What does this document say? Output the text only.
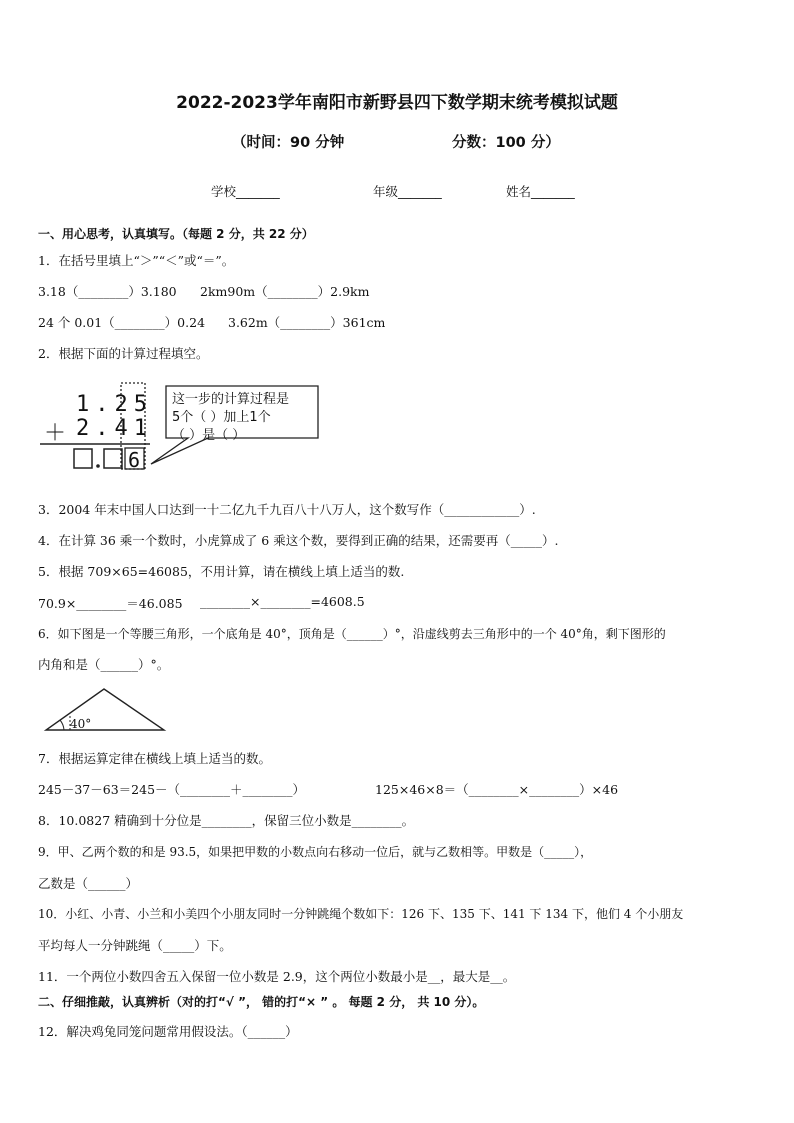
2022-2023学年南阳市新野县四下数学期末统考模拟试题
（时间：90 分钟	分数：100 分）
学校_______	年级_______	姓名_______
一、用心思考，认真填写。（每题 2 分，共 22 分）
1．在括号里填上“＞”“＜”或“＝”。
3.18（________）3.180 2km90m（________）2.9km
24 个 0.01（________）0.24 3.62m（________）361cm
2．根据下面的计算过程填空。
1.25
＋ 2.41
6
这一步的计算过程是
5个（ ）加上1个
（ ）是（ ）
3．2004 年末中国人口达到一十二亿九千九百八十八万人，这个数写作（____________）.
4．在计算 36 乘一个数时，小虎算成了 6 乘这个数，要得到正确的结果，还需要再（_____）.
5．根据 709×65=46085，不用计算，请在横线上填上适当的数.
70.9×________＝46.085 ________×________=4608.5
6．如下图是一个等腰三角形，一个底角是 40°，顶角是（______）°，沿虚线剪去三角形中的一个 40°角，剩下图形的
内角和是（______）°。
40°
7．根据运算定律在横线上填上适当的数。
245－37－63＝245－（________＋________）	125×46×8＝（________×________）×46
8．10.0827 精确到十分位是________，保留三位小数是________。
9．甲、乙两个数的和是 93.5，如果把甲数的小数点向右移动一位后，就与乙数相等。甲数是（_____），
乙数是（______）
10．小红、小青、小兰和小美四个小朋友同时一分钟跳绳个数如下：126 下、135 下、141 下 134 下，他们 4 个小朋友
平均每人一分钟跳绳（_____）下。
11．一个两位小数四舍五入保留一位小数是 2.9，这个两位小数最小是__，最大是__。
二、仔细推敲，认真辨析（对的打“√ ”， 错的打“× ” 。 每题 2 分， 共 10 分）。
12．解决鸡兔同笼问题常用假设法。（______）
